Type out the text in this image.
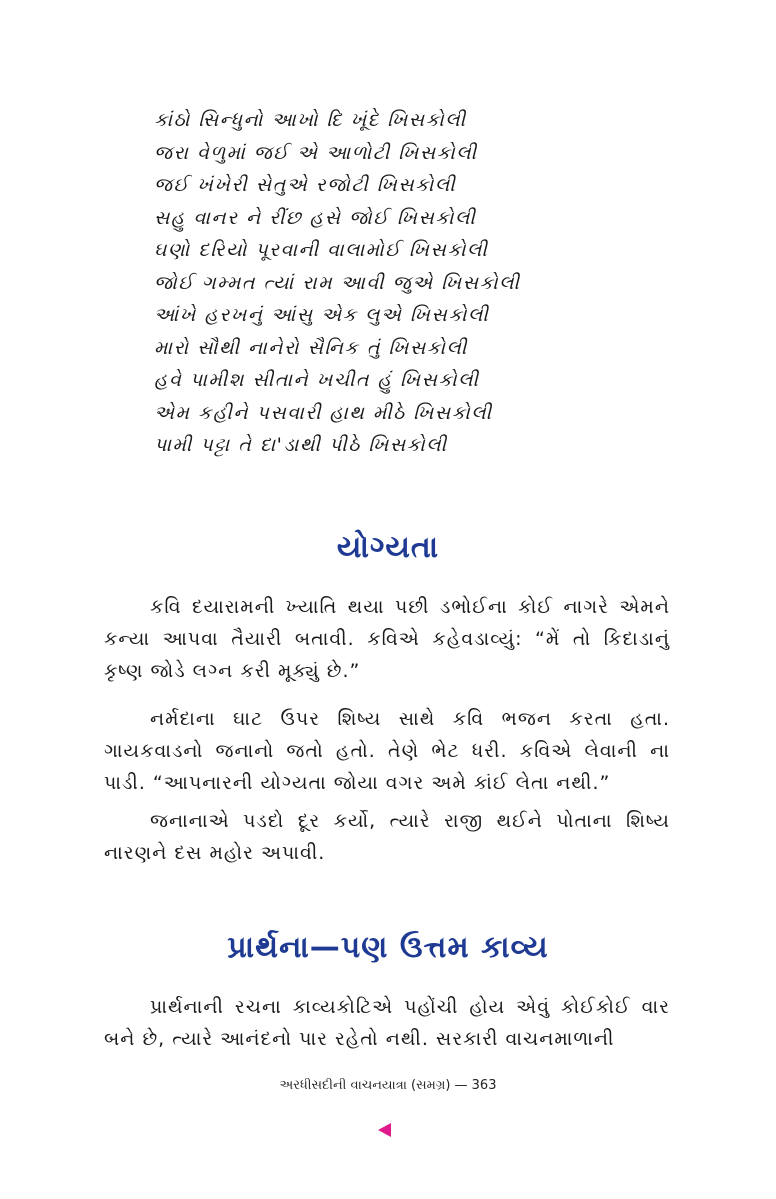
કાંઠો સિન્ધુનો આખો દિ ખૂંદે ખિસકોલી
જરા વેળુમાં જઈ એ આળોટી ખિસકોલી
જઈ ખંખેરી સેતુએ રજોટી ખિસકોલી
સહુ વાનર ને રીંછ હસે જોઈ ખિસકોલી
ઘણો દરિયો પૂરવાની વાલામોઈ ખિસકોલી
જોઈ ગમ્મત ત્યાં રામ આવી જુએ ખિસકોલી
આંખે હરખનું આંસુ એક લુએ ખિસકોલી
મારો સૌથી નાનેરો સૈનિક તું ખિસકોલી
હવે પામીશ સીતાને ખચીત હું ખિસકોલી
એમ કહીને પસવારી હાથ મીઠે ખિસકોલી
પામી પટ્ટા તે દા'ડાથી પીઠે ખિસકોલી
યોગ્યતા

કવિ દયારામની ખ્યાતિ થયા પછી ડભોઈના કોઈ નાગરે એમને કન્યા આપવા તૈયારી બતાવી. કવિએ કહેવડાવ્યું: “મેં તો કિદાડાનું કૃષ્ણ જોડે લગ્ન કરી મૂક્યું છે.”

નર્મદાના ઘાટ ઉપર શિષ્ય સાથે કવિ ભજન કરતા હતા. ગાયકવાડનો જનાનો જતો હતો. તેણે ભેટ ધરી. કવિએ લેવાની ના પાડી. “આપનારની યોગ્યતા જોયા વગર અમે કાંઈ લેતા નથી.”

જનાનાએ પડદો દૂર કર્યો, ત્યારે રાજી થઈને પોતાના શિષ્ય નારણને દસ મહોર અપાવી.

પ્રાર્થના—પણ ઉત્તમ કાવ્ય

પ્રાર્થનાની રચના કાવ્યકોટિએ પહોંચી હોય એવું કોઈકોઈ વાર બને છે, ત્યારે આનંદનો પાર રહેતો નથી. સરકારી વાચનમાળાની

અરધીસદીની વાચનયાત્રા (સમગ્ર) — 363
